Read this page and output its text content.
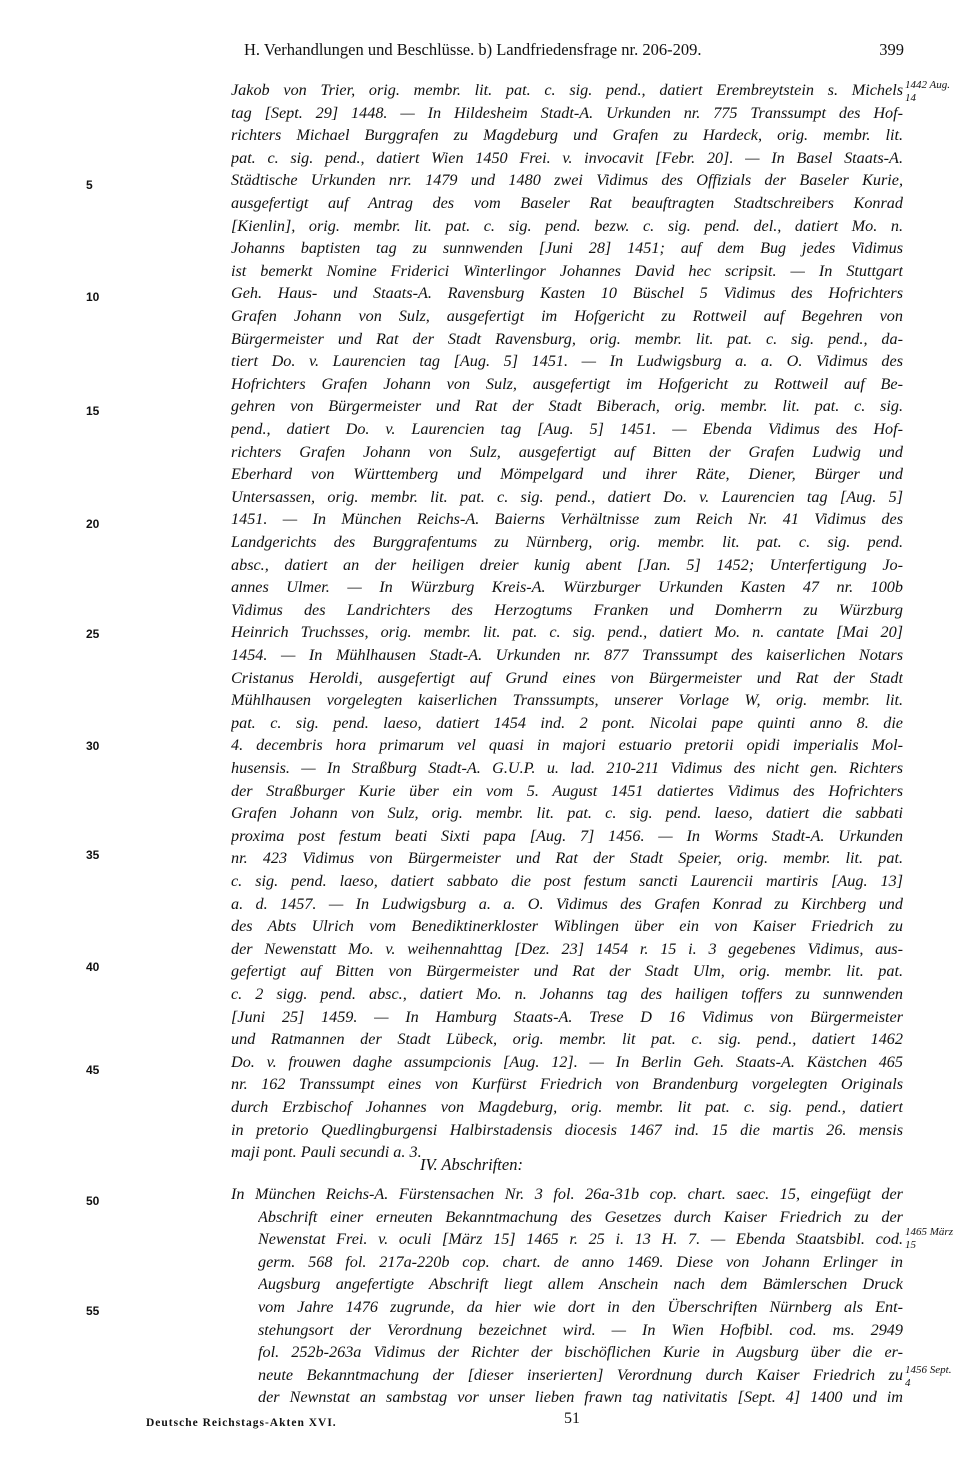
H. Verhandlungen und Beschlüsse. b) Landfriedensfrage nr. 206-209.	399
Jakob von Trier, orig. membr. lit. pat. c. sig. pend., datiert Erembreytstein s. Michels
tag [Sept. 29] 1448. — In Hildesheim Stadt-A. Urkunden nr. 775 Transsumpt des Hof-
richters Michael Burggrafen zu Magdeburg und Grafen zu Hardeck, orig. membr. lit.
pat. c. sig. pend., datiert Wien 1450 Frei. v. invocavit [Febr. 20]. — In Basel Staats-A.
Städtische Urkunden nrr. 1479 und 1480 zwei Vidimus des Offizials der Baseler Kurie,
ausgefertigt auf Antrag des vom Baseler Rat beauftragten Stadtschreibers Konrad
[Kienlin], orig. membr. lit. pat. c. sig. pend. bezw. c. sig. pend. del., datiert Mo. n.
Johanns baptisten tag zu sunnwenden [Juni 28] 1451; auf dem Bug jedes Vidimus
ist bemerkt Nomine Friderici Winterlingor Johannes David hec scripsit. — In Stuttgart
Geh. Haus- und Staats-A. Ravensburg Kasten 10 Büschel 5 Vidimus des Hofrichters
Grafen Johann von Sulz, ausgefertigt im Hofgericht zu Rottweil auf Begehren von
Bürgermeister und Rat der Stadt Ravensburg, orig. membr. lit. pat. c. sig. pend., da-
tiert Do. v. Laurencien tag [Aug. 5] 1451. — In Ludwigsburg a. a. O. Vidimus des
Hofrichters Grafen Johann von Sulz, ausgefertigt im Hofgericht zu Rottweil auf Be-
gehren von Bürgermeister und Rat der Stadt Biberach, orig. membr. lit. pat. c. sig.
pend., datiert Do. v. Laurencien tag [Aug. 5] 1451. — Ebenda Vidimus des Hof-
richters Grafen Johann von Sulz, ausgefertigt auf Bitten der Grafen Ludwig und
Eberhard von Württemberg und Mömpelgard und ihrer Räte, Diener, Bürger und
Untersassen, orig. membr. lit. pat. c. sig. pend., datiert Do. v. Laurencien tag [Aug. 5]
1451. — In München Reichs-A. Baierns Verhältnisse zum Reich Nr. 41 Vidimus des
Landgerichts des Burggrafentums zu Nürnberg, orig. membr. lit. pat. c. sig. pend.
absc., datiert an der heiligen dreier kunig abent [Jan. 5] 1452; Unterfertigung Jo-
annes Ulmer. — In Würzburg Kreis-A. Würzburger Urkunden Kasten 47 nr. 100b
Vidimus des Landrichters des Herzogtums Franken und Domherrn zu Würzburg
Heinrich Truchsses, orig. membr. lit. pat. c. sig. pend., datiert Mo. n. cantate [Mai 20]
1454. — In Mühlhausen Stadt-A. Urkunden nr. 877 Transsumpt des kaiserlichen Notars
Cristanus Heroldi, ausgefertigt auf Grund eines von Bürgermeister und Rat der Stadt
Mühlhausen vorgelegten kaiserlichen Transsumpts, unserer Vorlage W, orig. membr. lit.
pat. c. sig. pend. laeso, datiert 1454 ind. 2 pont. Nicolai pape quinti anno 8. die
4. decembris hora primarum vel quasi in majori estuario pretorii opidi imperialis Mol-
husensis. — In Straßburg Stadt-A. G.U.P. u. lad. 210-211 Vidimus des nicht gen. Richters
der Straßburger Kurie über ein vom 5. August 1451 datiertes Vidimus des Hofrichters
Grafen Johann von Sulz, orig. membr. lit. pat. c. sig. pend. laeso, datiert die sabbati
proxima post festum beati Sixti papa [Aug. 7] 1456. — In Worms Stadt-A. Urkunden
nr. 423 Vidimus von Bürgermeister und Rat der Stadt Speier, orig. membr. lit. pat.
c. sig. pend. laeso, datiert sabbato die post festum sancti Laurencii martiris [Aug. 13]
a. d. 1457. — In Ludwigsburg a. a. O. Vidimus des Grafen Konrad zu Kirchberg und
des Abts Ulrich vom Benediktinerkloster Wiblingen über ein von Kaiser Friedrich zu
der Newenstatt Mo. v. weihennahttag [Dez. 23] 1454 r. 15 i. 3 gegebenes Vidimus, aus-
gefertigt auf Bitten von Bürgermeister und Rat der Stadt Ulm, orig. membr. lit. pat.
c. 2 sigg. pend. absc., datiert Mo. n. Johanns tag des hailigen toffers zu sunnwenden
[Juni 25] 1459. — In Hamburg Staats-A. Trese D 16 Vidimus von Bürgermeister
und Ratmannen der Stadt Lübeck, orig. membr. lit pat. c. sig. pend., datiert 1462
Do. v. frouwen daghe assumpcionis [Aug. 12]. — In Berlin Geh. Staats-A. Kästchen 465
nr. 162 Transsumpt eines von Kurfürst Friedrich von Brandenburg vorgelegten Originals
durch Erzbischof Johannes von Magdeburg, orig. membr. lit pat. c. sig. pend., datiert
in pretorio Quedlingburgensi Halbirstadensis diocesis 1467 ind. 15 die martis 26. mensis
maji pont. Pauli secundi a. 3.
In München Reichs-A. Fürstensachen Nr. 3 fol. 26a-31b cop. chart. saec. 15, eingefügt der
Abschrift einer erneuten Bekanntmachung des Gesetzes durch Kaiser Friedrich zu der
Newenstat Frei. v. oculi [März 15] 1465 r. 25 i. 13 H. 7. — Ebenda Staatsbibl. cod.
germ. 568 fol. 217a-220b cop. chart. de anno 1469. Diese von Johann Erlinger in
Augsburg angefertigte Abschrift liegt allem Anschein nach dem Bämlerschen Druck
vom Jahre 1476 zugrunde, da hier wie dort in den Überschriften Nürnberg als Ent-
stehungsort der Verordnung bezeichnet wird. — In Wien Hofbibl. cod. ms. 2949
fol. 252b-263a Vidimus der Richter der bischöflichen Kurie in Augsburg über die er-
neute Bekanntmachung der [dieser inserierten] Verordnung durch Kaiser Friedrich zu
der Newnstat an sambstag vor unser lieben frawn tag nativitatis [Sept. 4] 1400 und im
IV. Abschriften:
5
10
15
20
25
30
35
40
45
50
55
1442 Aug. 14
1465 März 15
1456 Sept. 4
Deutsche Reichstags-Akten XVI.	51
